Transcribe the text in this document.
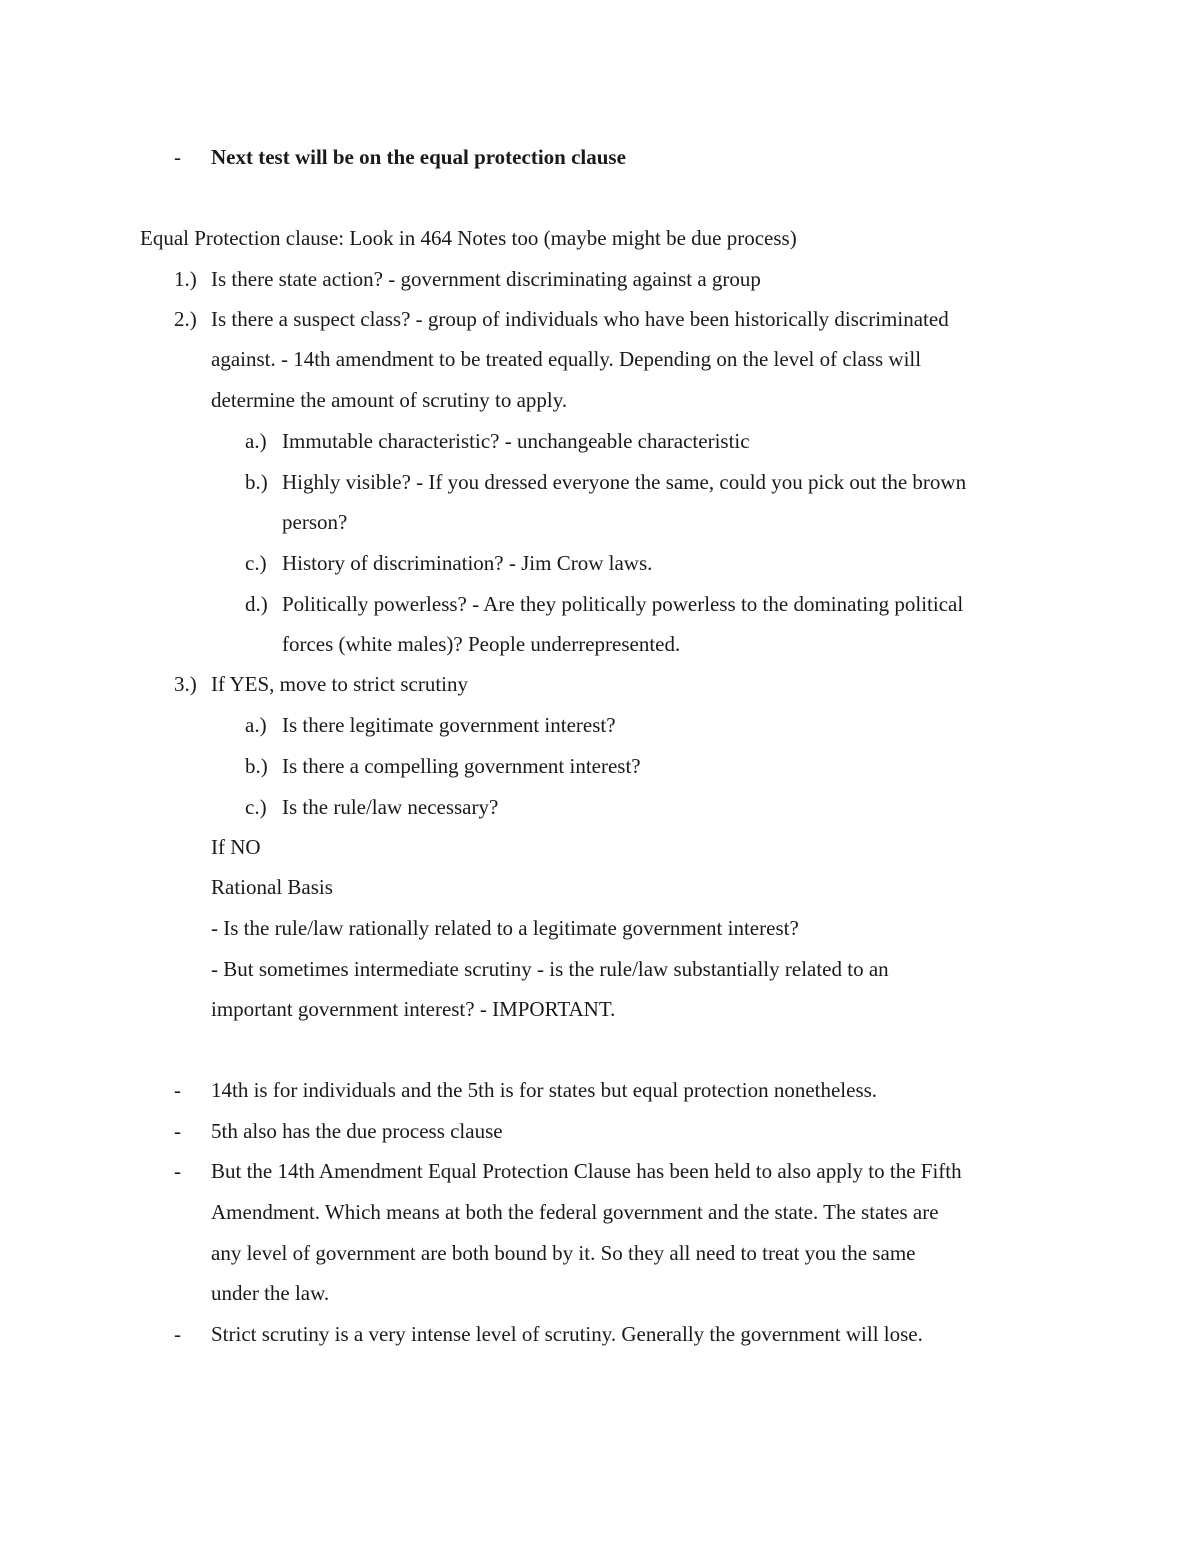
- Next test will be on the equal protection clause
Equal Protection clause: Look in 464 Notes too (maybe might be due process)
1.) Is there state action? - government discriminating against a group
2.) Is there a suspect class? - group of individuals who have been historically discriminated
against. - 14th amendment to be treated equally. Depending on the level of class will
determine the amount of scrutiny to apply.
a.) Immutable characteristic? - unchangeable characteristic
b.) Highly visible? - If you dressed everyone the same, could you pick out the brown
person?
c.) History of discrimination? - Jim Crow laws.
d.) Politically powerless? - Are they politically powerless to the dominating political
forces (white males)? People underrepresented.
3.) If YES, move to strict scrutiny
a.) Is there legitimate government interest?
b.) Is there a compelling government interest?
c.) Is the rule/law necessary?
If NO
Rational Basis
- Is the rule/law rationally related to a legitimate government interest?
- But sometimes intermediate scrutiny - is the rule/law substantially related to an
important government interest? - IMPORTANT.
- 14th is for individuals and the 5th is for states but equal protection nonetheless.
- 5th also has the due process clause
- But the 14th Amendment Equal Protection Clause has been held to also apply to the Fifth
Amendment. Which means at both the federal government and the state. The states are
any level of government are both bound by it. So they all need to treat you the same
under the law.
- Strict scrutiny is a very intense level of scrutiny. Generally the government will lose.
